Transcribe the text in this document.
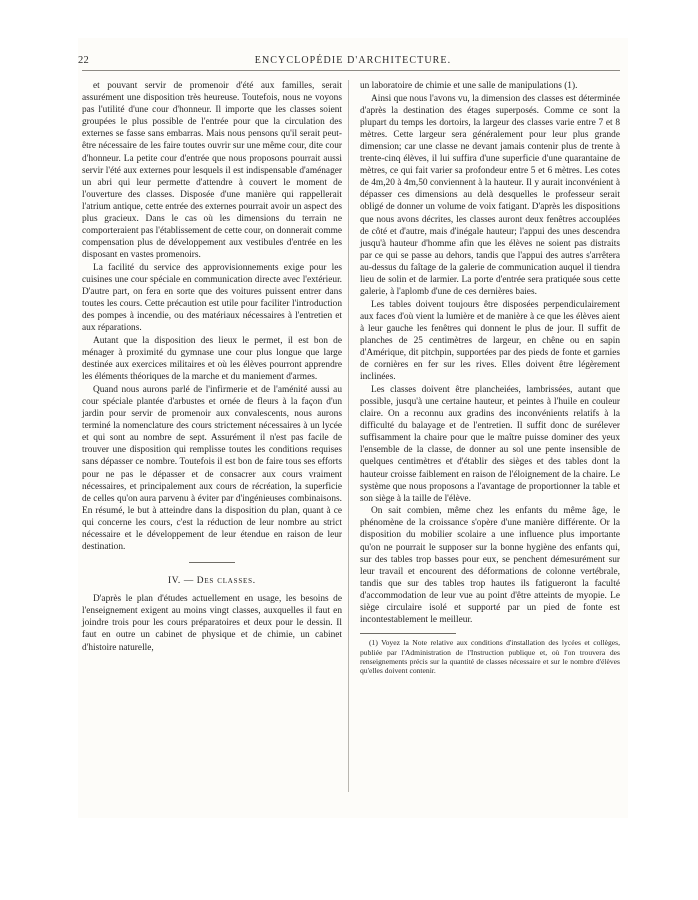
22	ENCYCLOPÉDIE D'ARCHITECTURE.

et pouvant servir de promenoir d'été aux familles, serait assurément une disposition très heureuse. Toutefois, nous ne voyons pas l'utilité d'une cour d'honneur. Il importe que les classes soient groupées le plus possible de l'entrée pour que la circulation des externes se fasse sans embarras. Mais nous pensons qu'il serait peut-être nécessaire de les faire toutes ouvrir sur une même cour, dite cour d'honneur. La petite cour d'entrée que nous proposons pourrait aussi servir l'été aux externes pour lesquels il est indispensable d'aménager un abri qui leur permette d'attendre à couvert le moment de l'ouverture des classes. Disposée d'une manière qui rappellerait l'atrium antique, cette entrée des externes pourrait avoir un aspect des plus gracieux. Dans le cas où les dimensions du terrain ne comporteraient pas l'établissement de cette cour, on donnerait comme compensation plus de développement aux vestibules d'entrée en les disposant en vastes promenoirs.

La facilité du service des approvisionnements exige pour les cuisines une cour spéciale en communication directe avec l'extérieur. D'autre part, on fera en sorte que des voitures puissent entrer dans toutes les cours. Cette précaution est utile pour faciliter l'introduction des pompes à incendie, ou des matériaux nécessaires à l'entretien et aux réparations.

Autant que la disposition des lieux le permet, il est bon de ménager à proximité du gymnase une cour plus longue que large destinée aux exercices militaires et où les élèves pourront apprendre les éléments théoriques de la marche et du maniement d'armes.

Quand nous aurons parlé de l'infirmerie et de l'aménité aussi au cour spéciale plantée d'arbustes et ornée de fleurs à la façon d'un jardin pour servir de promenoir aux convalescents, nous aurons terminé la nomenclature des cours strictement nécessaires à un lycée et qui sont au nombre de sept. Assurément il n'est pas facile de trouver une disposition qui remplisse toutes les conditions requises sans dépasser ce nombre. Toutefois il est bon de faire tous ses efforts pour ne pas le dépasser et de consacrer aux cours vraiment nécessaires, et principalement aux cours de récréation, la superficie de celles qu'on aura parvenu à éviter par d'ingénieuses combinaisons. En résumé, le but à atteindre dans la disposition du plan, quant à ce qui concerne les cours, c'est la réduction de leur nombre au strict nécessaire et le développement de leur étendue en raison de leur destination.

IV. — Des classes.

D'après le plan d'études actuellement en usage, les besoins de l'enseignement exigent au moins vingt classes, auxquelles il faut en joindre trois pour les cours préparatoires et deux pour le dessin. Il faut en outre un cabinet de physique et de chimie, un cabinet d'histoire naturelle,

un laboratoire de chimie et une salle de manipulations (1).

Ainsi que nous l'avons vu, la dimension des classes est déterminée d'après la destination des étages superposés. Comme ce sont la plupart du temps les dortoirs, la largeur des classes varie entre 7 et 8 mètres. Cette largeur sera généralement pour leur plus grande dimension; car une classe ne devant jamais contenir plus de trente à trente-cinq élèves, il lui suffira d'une superficie d'une quarantaine de mètres, ce qui fait varier sa profondeur entre 5 et 6 mètres. Les cotes de 4m,20 à 4m,50 conviennent à la hauteur. Il y aurait inconvénient à dépasser ces dimensions au delà desquelles le professeur serait obligé de donner un volume de voix fatigant. D'après les dispositions que nous avons décrites, les classes auront deux fenêtres accouplées de côté et d'autre, mais d'inégale hauteur; l'appui des unes descendra jusqu'à hauteur d'homme afin que les élèves ne soient pas distraits par ce qui se passe au dehors, tandis que l'appui des autres s'arrêtera au-dessus du faîtage de la galerie de communication auquel il tiendra lieu de solin et de larmier. La porte d'entrée sera pratiquée sous cette galerie, à l'aplomb d'une de ces dernières baies.

Les tables doivent toujours être disposées perpendiculairement aux faces d'où vient la lumière et de manière à ce que les élèves aient à leur gauche les fenêtres qui donnent le plus de jour. Il suffit de planches de 25 centimètres de largeur, en chêne ou en sapin d'Amérique, dit pitchpin, supportées par des pieds de fonte et garnies de cornières en fer sur les rives. Elles doivent être légèrement inclinées.

Les classes doivent être plancheiées, lambrissées, autant que possible, jusqu'à une certaine hauteur, et peintes à l'huile en couleur claire. On a reconnu aux gradins des inconvénients relatifs à la difficulté du balayage et de l'entretien. Il suffit donc de surélever suffisamment la chaire pour que le maître puisse dominer des yeux l'ensemble de la classe, de donner au sol une pente insensible de quelques centimètres et d'établir des sièges et des tables dont la hauteur croisse faiblement en raison de l'éloignement de la chaire. Le système que nous proposons a l'avantage de proportionner la table et son siège à la taille de l'élève.

On sait combien, même chez les enfants du même âge, le phénomène de la croissance s'opère d'une manière différente. Or la disposition du mobilier scolaire a une influence plus importante qu'on ne pourrait le supposer sur la bonne hygiène des enfants qui, sur des tables trop basses pour eux, se penchent démesurément sur leur travail et encourent des déformations de colonne vertébrale, tandis que sur des tables trop hautes ils fatigueront la faculté d'accommodation de leur vue au point d'être atteints de myopie. Le siège circulaire isolé et supporté par un pied de fonte est incontestablement le meilleur.

(1) Voyez la Note relative aux conditions d'installation des lycées et collèges, publiée par l'Administration de l'Instruction publique et, où l'on trouvera des renseignements précis sur la quantité de classes nécessaire et sur le nombre d'élèves qu'elles doivent contenir.
